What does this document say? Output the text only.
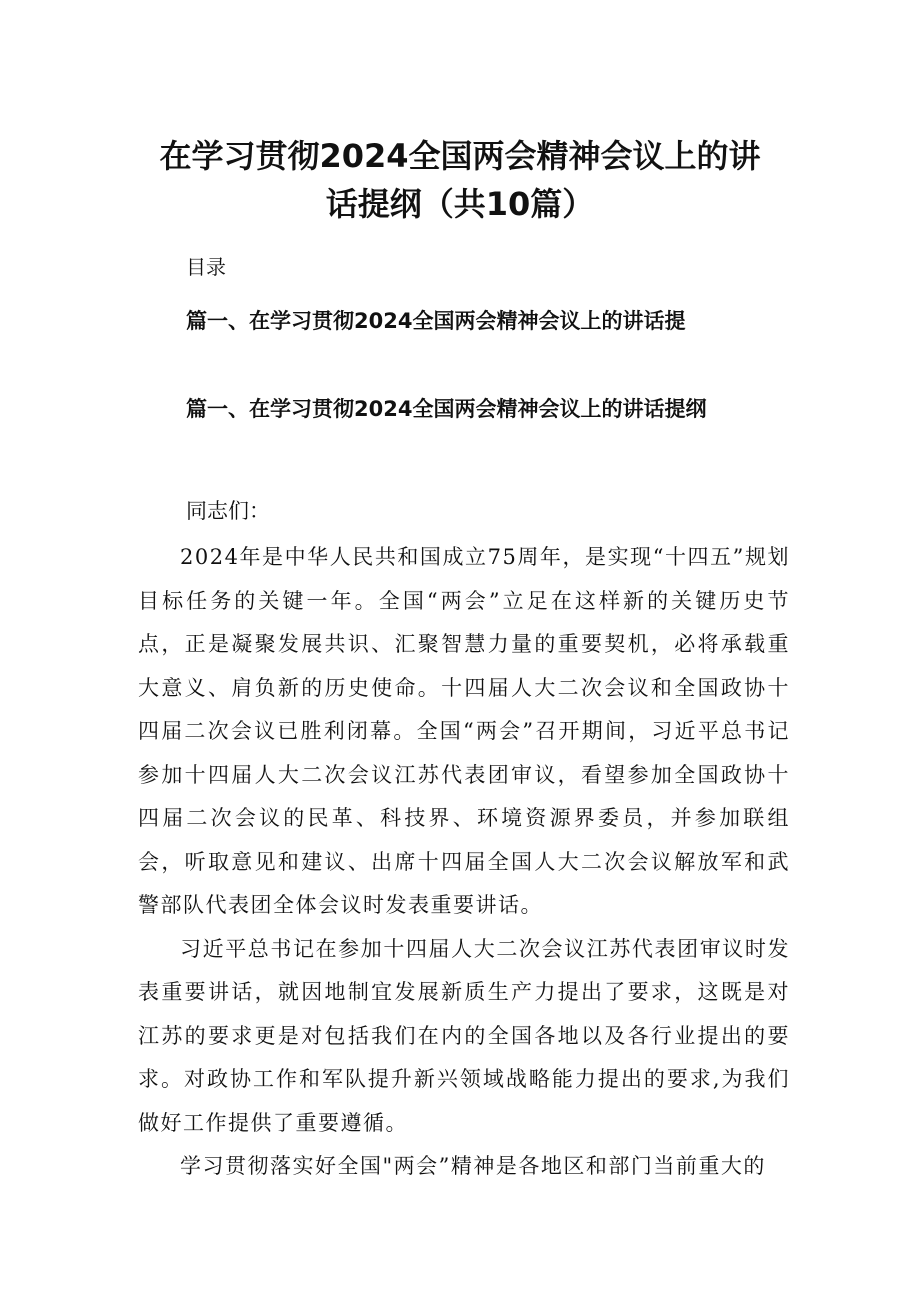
在学习贯彻2024全国两会精神会议上的讲
话提纲（共10篇）

目录

篇一、在学习贯彻2024全国两会精神会议上的讲话提

篇一、在学习贯彻2024全国两会精神会议上的讲话提纲

同志们：

2024年是中华人民共和国成立75周年，是实现“十四五”规划目标任务的关键一年。全国“两会”立足在这样新的关键历史节点，正是凝聚发展共识、汇聚智慧力量的重要契机，必将承载重大意义、肩负新的历史使命。十四届人大二次会议和全国政协十四届二次会议已胜利闭幕。全国“两会”召开期间，习近平总书记参加十四届人大二次会议江苏代表团审议，看望参加全国政协十四届二次会议的民革、科技界、环境资源界委员，并参加联组会，听取意见和建议、出席十四届全国人大二次会议解放军和武警部队代表团全体会议时发表重要讲话。

习近平总书记在参加十四届人大二次会议江苏代表团审议时发表重要讲话，就因地制宜发展新质生产力提出了要求，这既是对江苏的要求更是对包括我们在内的全国各地以及各行业提出的要求。对政协工作和军队提升新兴领域战略能力提出的要求,为我们做好工作提供了重要遵循。

学习贯彻落实好全国"两会”精神是各地区和部门当前重大的
